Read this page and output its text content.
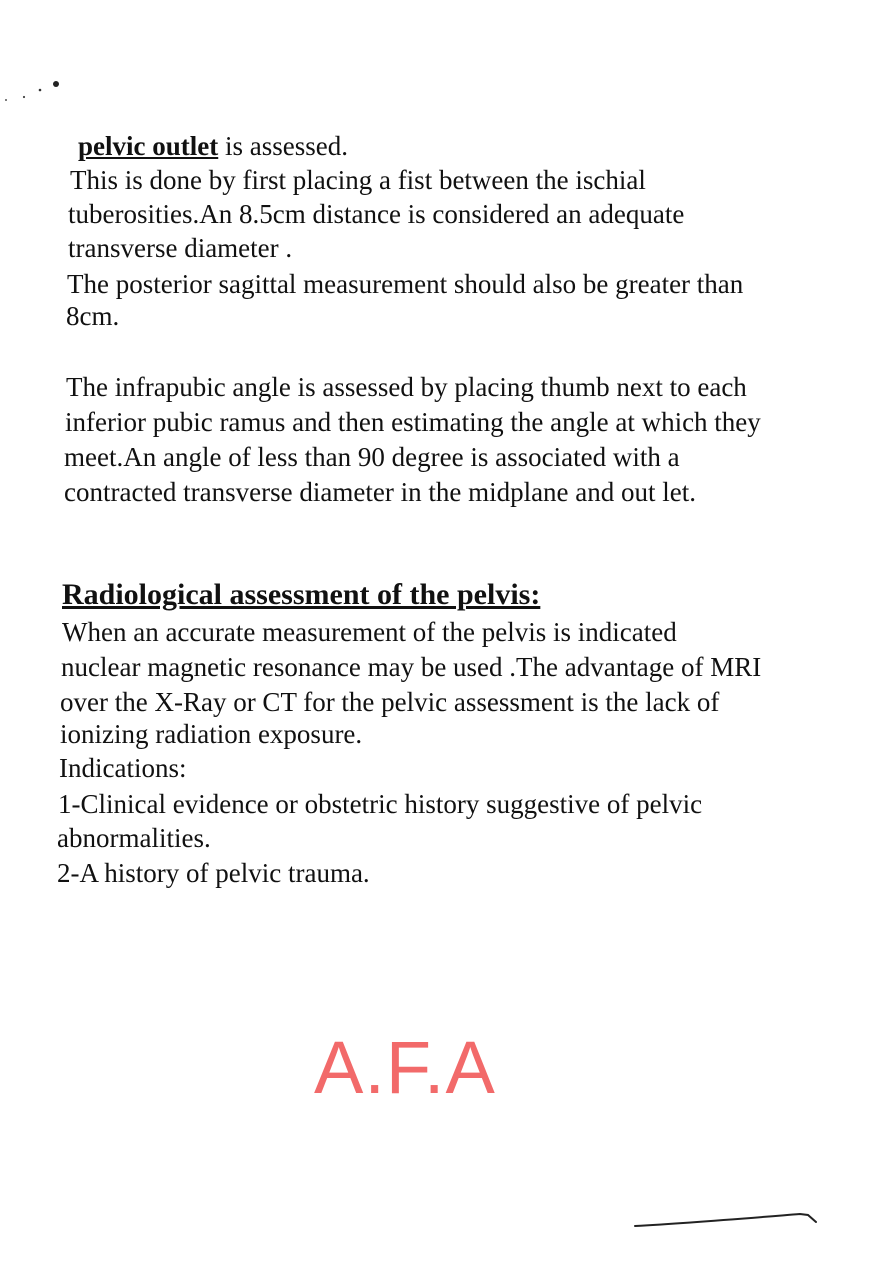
pelvic outlet is assessed.
This is done by first placing a fist between the ischial
tuberosities.An 8.5cm distance is considered an adequate
transverse diameter .
The posterior sagittal measurement should also be greater than
8cm.
The infrapubic angle is assessed by placing thumb next to each
inferior pubic ramus and then estimating the angle at which they
meet.An angle of less than 90 degree is associated with a
contracted transverse diameter in the midplane and out let.
Radiological assessment of the pelvis:
When an accurate measurement of the pelvis is indicated
nuclear magnetic resonance may be used .The advantage of MRI
over the X-Ray or CT for the pelvic assessment is the lack of
ionizing radiation exposure.
Indications:
1-Clinical evidence or obstetric history suggestive of pelvic
abnormalities.
2-A history of pelvic trauma.
A.F.A
